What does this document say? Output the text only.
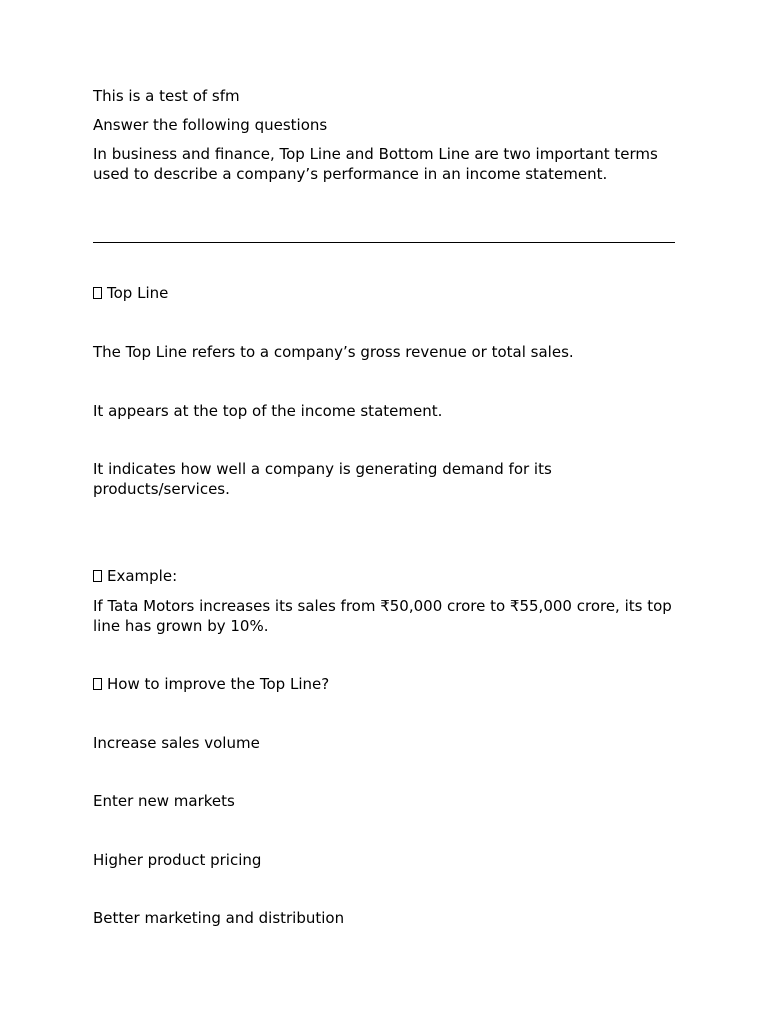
This is a test of sfm

Answer the following questions

In business and finance, Top Line and Bottom Line are two important terms used to describe a company’s performance in an income statement.

Top Line

The Top Line refers to a company’s gross revenue or total sales.

It appears at the top of the income statement.

It indicates how well a company is generating demand for its products/services.

Example:

If Tata Motors increases its sales from ₹50,000 crore to ₹55,000 crore, its top line has grown by 10%.

How to improve the Top Line?

Increase sales volume

Enter new markets

Higher product pricing

Better marketing and distribution
